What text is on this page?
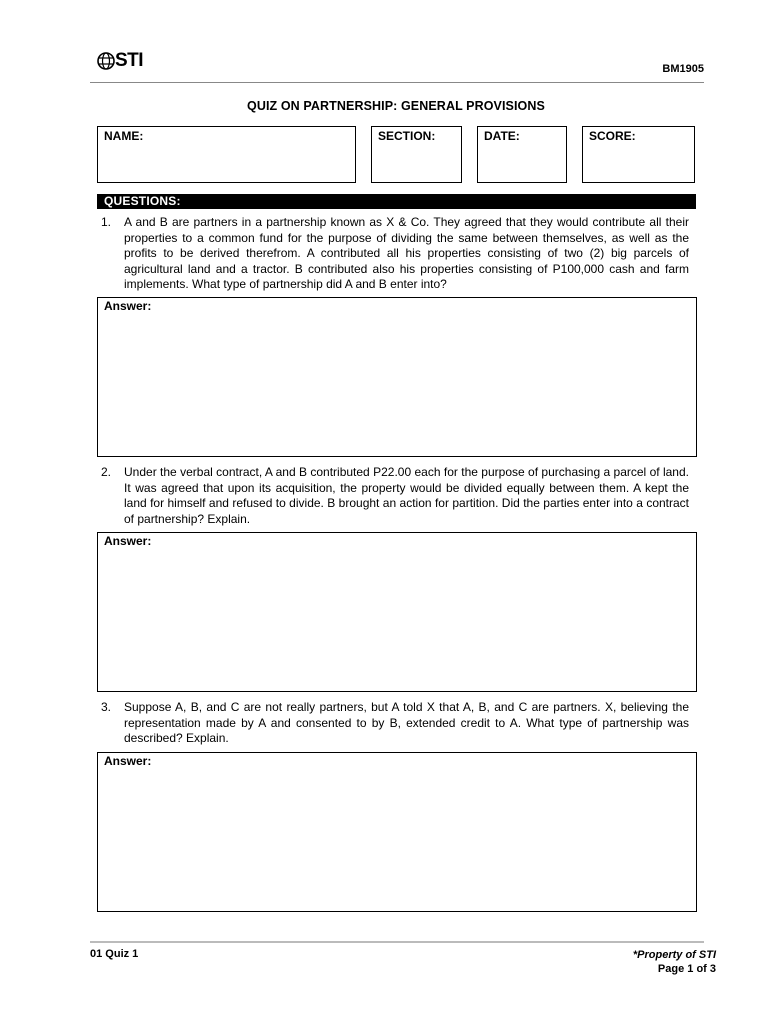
STI	BM1905
QUIZ ON PARTNERSHIP: GENERAL PROVISIONS
NAME:	SECTION:	DATE:	SCORE:
QUESTIONS:
1. A and B are partners in a partnership known as X & Co. They agreed that they would contribute all their properties to a common fund for the purpose of dividing the same between themselves, as well as the profits to be derived therefrom. A contributed all his properties consisting of two (2) big parcels of agricultural land and a tractor. B contributed also his properties consisting of P100,000 cash and farm implements. What type of partnership did A and B enter into?
Answer:
2. Under the verbal contract, A and B contributed P22.00 each for the purpose of purchasing a parcel of land. It was agreed that upon its acquisition, the property would be divided equally between them. A kept the land for himself and refused to divide. B brought an action for partition. Did the parties enter into a contract of partnership? Explain.
Answer:
3. Suppose A, B, and C are not really partners, but A told X that A, B, and C are partners. X, believing the representation made by A and consented to by B, extended credit to A. What type of partnership was described? Explain.
Answer:
01 Quiz 1	*Property of STI
Page 1 of 3
